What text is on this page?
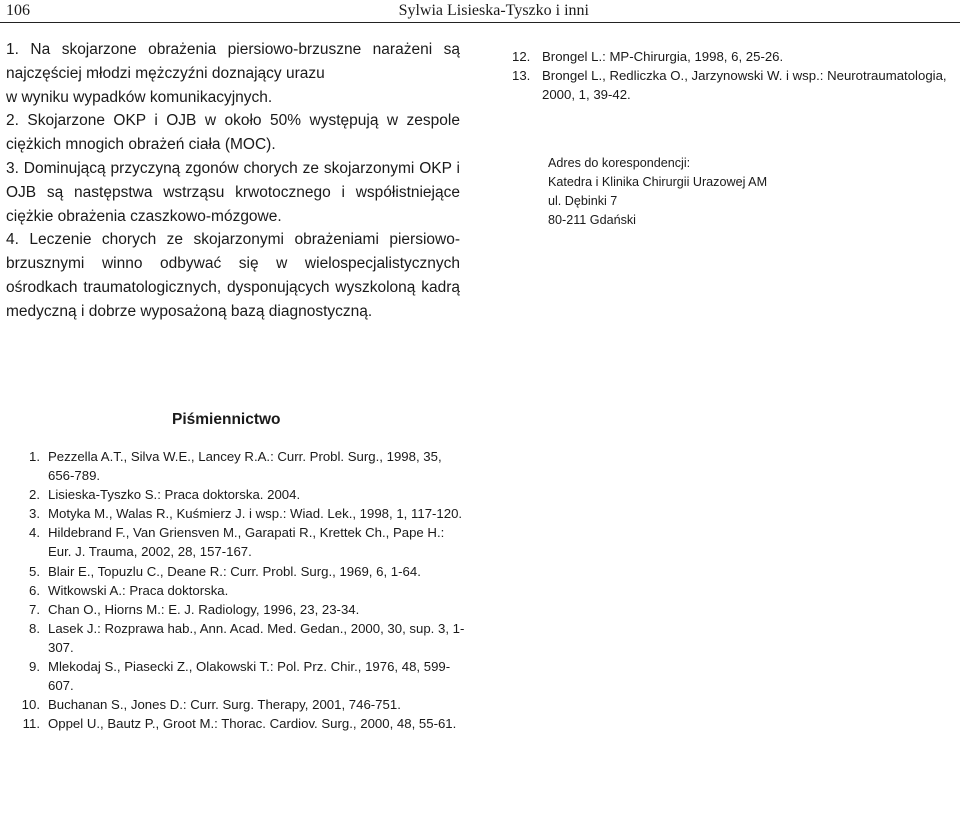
106	Sylwia Lisieska-Tyszko i inni

1. Na skojarzone obrażenia piersiowo-brzuszne narażeni są najczęściej młodzi mężczyźni doznający urazu
w wyniku wypadków komunikacyjnych.

2. Skojarzone OKP i OJB w około 50% występują w zespole ciężkich mnogich obrażeń ciała (MOC).

3. Dominującą przyczyną zgonów chorych ze skojarzonymi OKP i OJB są następstwa wstrząsu krwotocznego i współistniejące ciężkie obrażenia czaszkowo-mózgowe.

4. Leczenie chorych ze skojarzonymi obrażeniami piersiowo-brzusznymi winno odbywać się w wielospecjalistycznych ośrodkach traumatologicznych, dysponujących wyszkoloną kadrą medyczną i dobrze wyposażoną bazą diagnostyczną.

Piśmiennictwo
1. Pezzella A.T., Silva W.E., Lancey R.A.: Curr. Probl. Surg., 1998, 35, 656-789.
2. Lisieska-Tyszko S.: Praca doktorska. 2004.
3. Motyka M., Walas R., Kuśmierz J. i wsp.: Wiad. Lek., 1998, 1, 117-120.
4. Hildebrand F., Van Griensven M., Garapati R., Krettek Ch., Pape H.: Eur. J. Trauma, 2002, 28, 157-167.
5. Blair E., Topuzlu C., Deane R.: Curr. Probl. Surg., 1969, 6, 1-64.
6. Witkowski A.: Praca doktorska.
7. Chan O., Hiorns M.: E. J. Radiology, 1996, 23, 23-34.
8. Lasek J.: Rozprawa hab., Ann. Acad. Med. Gedan., 2000, 30, sup. 3, 1-307.
9. Mlekodaj S., Piasecki Z., Olakowski T.: Pol. Prz. Chir., 1976, 48, 599-607.
10. Buchanan S., Jones D.: Curr. Surg. Therapy, 2001, 746-751.
11. Oppel U., Bautz P., Groot M.: Thorac. Cardiov. Surg., 2000, 48, 55-61.
12. Brongel L.: MP-Chirurgia, 1998, 6, 25-26.
13. Brongel L., Redliczka O., Jarzynowski W. i wsp.: Neurotraumatologia, 2000, 1, 39-42.
Adres do korespondencji:
Katedra i Klinika Chirurgii Urazowej AM
ul. Dębinki 7
80-211 Gdański
